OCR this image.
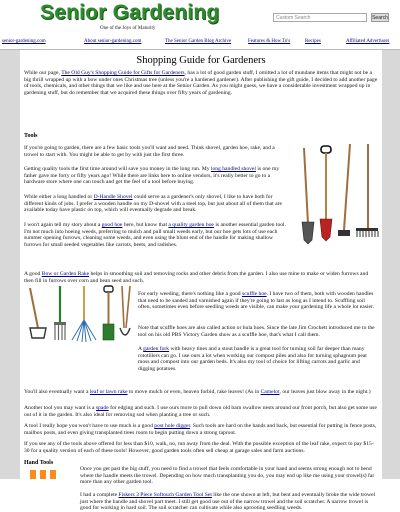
Senior Gardening
One of the Joys of Maturity
Custom Search	Search
senior-gardening.com	About senior-gardening.com	The Senior Garden Blog Archive	Features & How To's	Recipes	Affiliated Advertisers
Shopping Guide for Gardeners
While our page, The Old Guy's Shopping Guide for Gifts for Gardeners, has a lot of good garden stuff, I omitted a lot of mundane items that might not be a big thrill wrapped up with a bow under ones Christmas tree (unless you're a hardened gardener). After publishing the gift guide, I decided to add another page of tools, chemicals, and other things that we like and use here at the Senior Garden. As you might guess, we have a considerable investment wrapped up in gardening stuff, but do remember that we acquired these things over fifty years of gardening.
Tools
If you're going to garden, there are a few basic tools you'll want and need. Think shovel, garden hoe, rake, and a trowel to start with. You might be able to get by with just the first three.
Getting quality tools the first time around will save you money in the long run. My long handled shovel is one my father gave me forty or fifty years ago! While there are links here to online vendors, it's really better to go to a hardware store where one can touch and get the feel of a tool before buying.
While either a long handled or D-Handle Shovel could serve as a gardener's only shovel, I like to have both for different kinds of jobs. I prefer a wooden handle on my D-shovel with a steel top, but just about all of them that are available today have plastic on top, which will eventually degrade and break.
I won't again tell my story about a good hoe here, but know that a quality garden hoe is another essential garden tool. I'm not much into hoeing weeds, preferring to mulch and pull small weeds early, but our hoe gets lots of use each summer opening furrows, cleaning some weeds, and even using the blunt end of the handle for making shallow furrows for small seeded vegetables like carrots, beets, and radishes.
A good Bow or Garden Rake helps in smoothing soil and removing rocks and other debris from the garden. I also use mine to make or widen furrows and then fill in furrows over corn and bean seed and such.
For early weeding, there's nothing like a good scuffle hoe. I have two of them, both with wooden handles that need to be sanded and varnished again if they're going to last as long as I intend to. Scuffling soil often, sometimes even before seedling weeds are visible, can make your gardening life a whole lot easier.
Note that scuffle hoes are also called action or hula hoes. Since the late Jim Crockett introduced me to the tool on his old PBS Victory Garden show as a scuffle hoe, that's what I call them.
A garden fork with heavy tines and a stout handle is a great tool for turning soil far deeper than many rototillers can go. I use ours a lot when working our compost piles and also for turning sphagnum peat moss and compost into our garden beds. It's also my tool of choice for lifting carrots and garlic and digging potatoes.
You'll also eventually want a leaf or lawn rake to move mulch or even, heaven forbid, rake leaves! (As in Camelot, our leaves just blow away in the night.)
Another tool you may want is a spade for edging and such. I use ours more to pull down old barn swallow nests around our front porch, but also get some use out of it in the garden. It's also ideal for removing sod when planting a tree or such.
A tool I really hope you won't have to use much is a good post hole digger. Such tools are hard on the hands and back, but essential for putting in fence posts, mailbox posts, and even giving transplanted trees room to begin putting down a strong taproot.
If you see any of the tools above offered for less than $10, walk, no, run away from the deal. With the possible exception of the leaf rake, expect to pay $15-30 for a quality version of each of these tools! However, good garden tools often sell cheap at garage sales and farm auctions.
Hand Tools
Once you get past the big stuff, you need to find a trowel that feels comfortable in your hand and seems strong enough not to bend where the handle meets the trowel. Depending on how much transplanting you do, you may end up like me using your trowel(s) far more than any other garden tool.
I had a complete Fiskers 3 Piece Softouch Garden Tool Set like the one shown at left, but bent and eventually broke the wide trowel just where the handle and shovel part meet. I still get good use out of the narrow trowel and the soil scratcher. A narrow trowel is good for working in hard soil. The soil scratcher can cultivate while also uprooting seedling weeds.
